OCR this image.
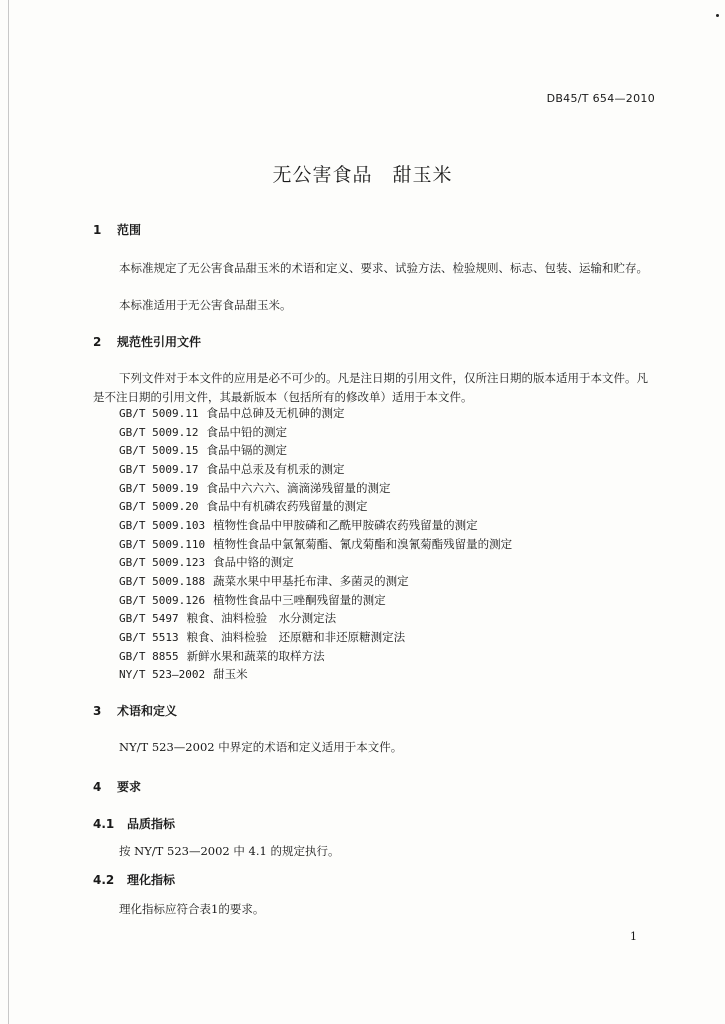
DB45/T 654—2010
无公害食品　甜玉米
1 范围
本标准规定了无公害食品甜玉米的术语和定义、要求、试验方法、检验规则、标志、包装、运输和贮存。
本标准适用于无公害食品甜玉米。
2 规范性引用文件
下列文件对于本文件的应用是必不可少的。凡是注日期的引用文件，仅所注日期的版本适用于本文件。凡是不注日期的引用文件，其最新版本（包括所有的修改单）适用于本文件。
GB/T 5009.11 食品中总砷及无机砷的测定
GB/T 5009.12 食品中铅的测定
GB/T 5009.15 食品中镉的测定
GB/T 5009.17 食品中总汞及有机汞的测定
GB/T 5009.19 食品中六六六、滴滴涕残留量的测定
GB/T 5009.20 食品中有机磷农药残留量的测定
GB/T 5009.103 植物性食品中甲胺磷和乙酰甲胺磷农药残留量的测定
GB/T 5009.110 植物性食品中氯氰菊酯、氰戊菊酯和溴氰菊酯残留量的测定
GB/T 5009.123 食品中铬的测定
GB/T 5009.188 蔬菜水果中甲基托布津、多菌灵的测定
GB/T 5009.126 植物性食品中三唑酮残留量的测定
GB/T 5497 粮食、油料检验　水分测定法
GB/T 5513 粮食、油料检验　还原糖和非还原糖测定法
GB/T 8855 新鲜水果和蔬菜的取样方法
NY/T 523—2002 甜玉米
3 术语和定义
NY/T 523—2002 中界定的术语和定义适用于本文件。
4 要求
4.1 品质指标
按 NY/T 523—2002 中 4.1 的规定执行。
4.2 理化指标
理化指标应符合表1的要求。
1
